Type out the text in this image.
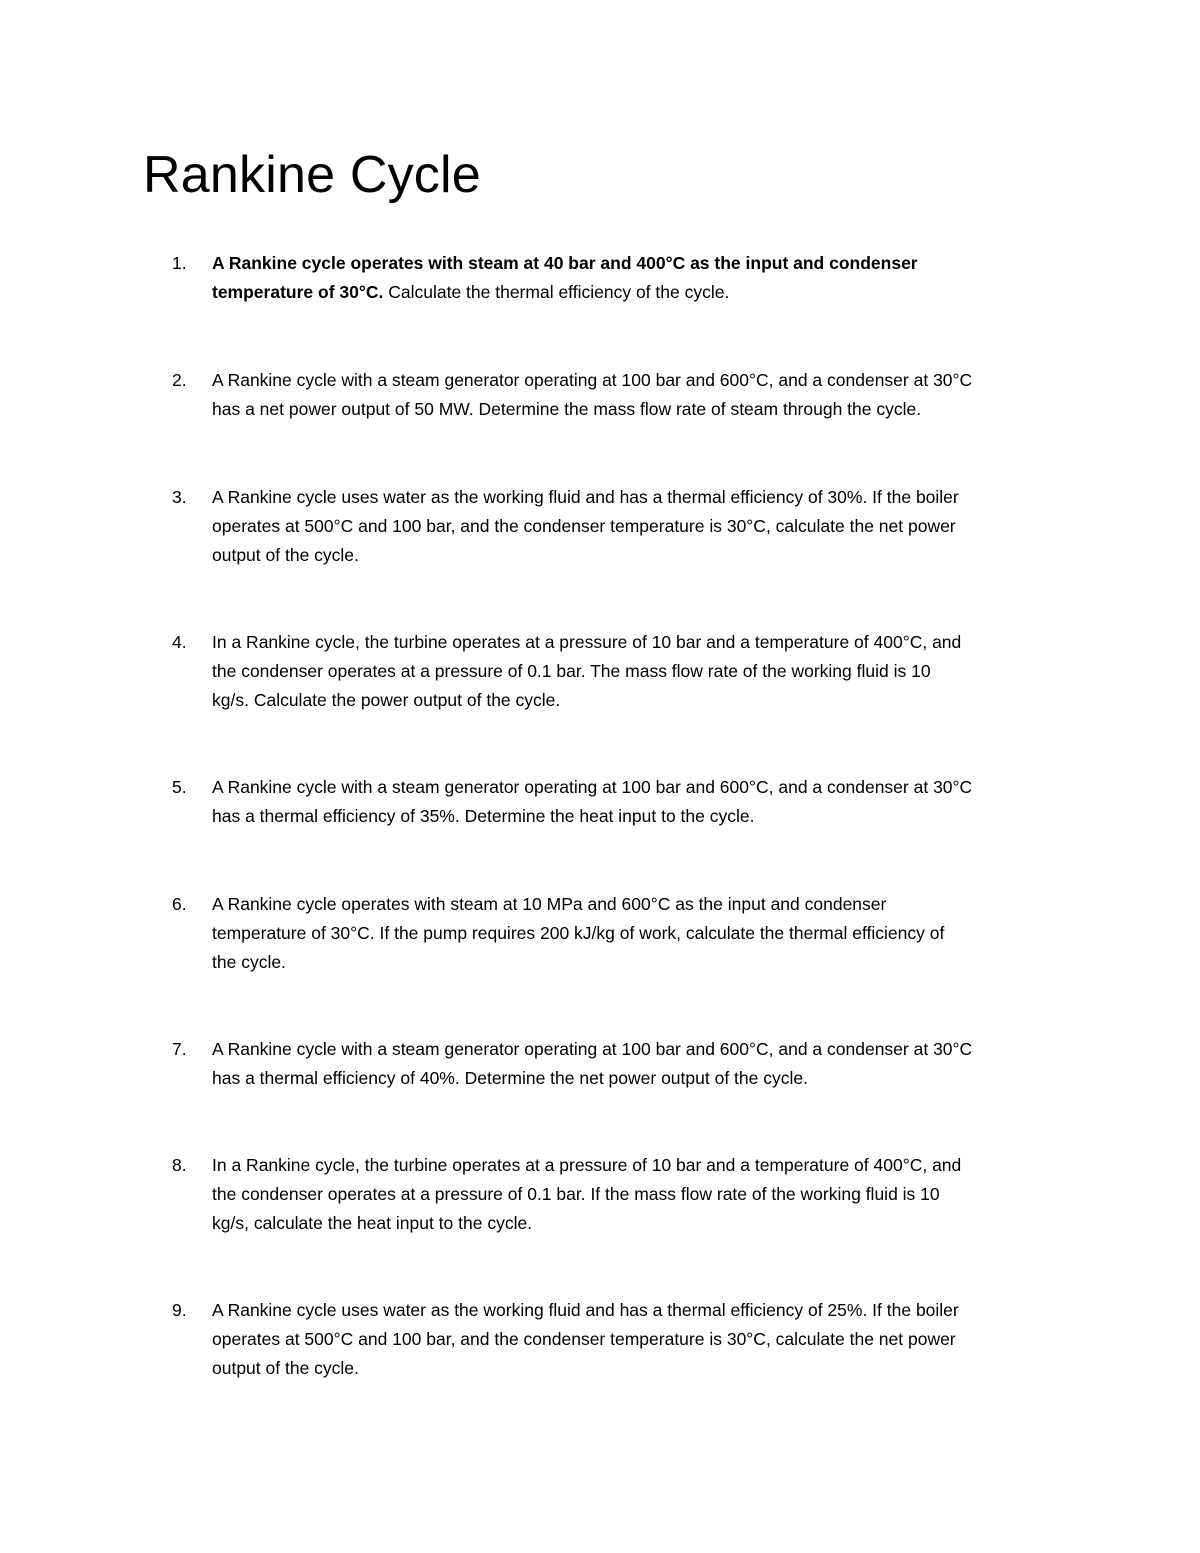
Rankine Cycle
1.	A Rankine cycle operates with steam at 40 bar and 400°C as the input and condenser
temperature of 30°C. Calculate the thermal efficiency of the cycle.
2.	A Rankine cycle with a steam generator operating at 100 bar and 600°C, and a condenser at 30°C
has a net power output of 50 MW. Determine the mass flow rate of steam through the cycle.
3.	A Rankine cycle uses water as the working fluid and has a thermal efficiency of 30%. If the boiler
operates at 500°C and 100 bar, and the condenser temperature is 30°C, calculate the net power
output of the cycle.
4.	In a Rankine cycle, the turbine operates at a pressure of 10 bar and a temperature of 400°C, and
the condenser operates at a pressure of 0.1 bar. The mass flow rate of the working fluid is 10
kg/s. Calculate the power output of the cycle.
5.	A Rankine cycle with a steam generator operating at 100 bar and 600°C, and a condenser at 30°C
has a thermal efficiency of 35%. Determine the heat input to the cycle.
6.	A Rankine cycle operates with steam at 10 MPa and 600°C as the input and condenser
temperature of 30°C. If the pump requires 200 kJ/kg of work, calculate the thermal efficiency of
the cycle.
7.	A Rankine cycle with a steam generator operating at 100 bar and 600°C, and a condenser at 30°C
has a thermal efficiency of 40%. Determine the net power output of the cycle.
8.	In a Rankine cycle, the turbine operates at a pressure of 10 bar and a temperature of 400°C, and
the condenser operates at a pressure of 0.1 bar. If the mass flow rate of the working fluid is 10
kg/s, calculate the heat input to the cycle.
9.	A Rankine cycle uses water as the working fluid and has a thermal efficiency of 25%. If the boiler
operates at 500°C and 100 bar, and the condenser temperature is 30°C, calculate the net power
output of the cycle.
